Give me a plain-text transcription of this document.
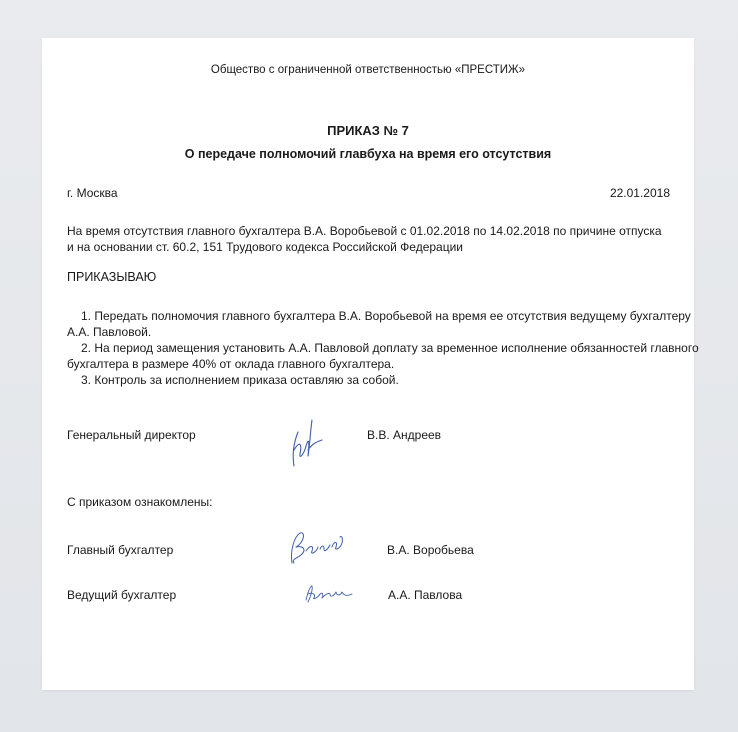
Общество с ограниченной ответственностью «ПРЕСТИЖ»
ПРИКАЗ № 7
О передаче полномочий главбуха на время его отсутствия
г. Москва	22.01.2018
На время отсутствия главного бухгалтера В.А. Воробьевой с 01.02.2018 по 14.02.2018 по причине отпуска
и на основании ст. 60.2, 151 Трудового кодекса Российской Федерации
ПРИКАЗЫВАЮ
1. Передать полномочия главного бухгалтера В.А. Воробьевой на время ее отсутствия ведущему бухгалтеру
А.А. Павловой.
2. На период замещения установить А.А. Павловой доплату за временное исполнение обязанностей главного
бухгалтера в размере 40% от оклада главного бухгалтера.
3. Контроль за исполнением приказа оставляю за собой.
Генеральный директор	В.В. Андреев
С приказом ознакомлены:
Главный бухгалтер	В.А. Воробьева
Ведущий бухгалтер	А.А. Павлова
